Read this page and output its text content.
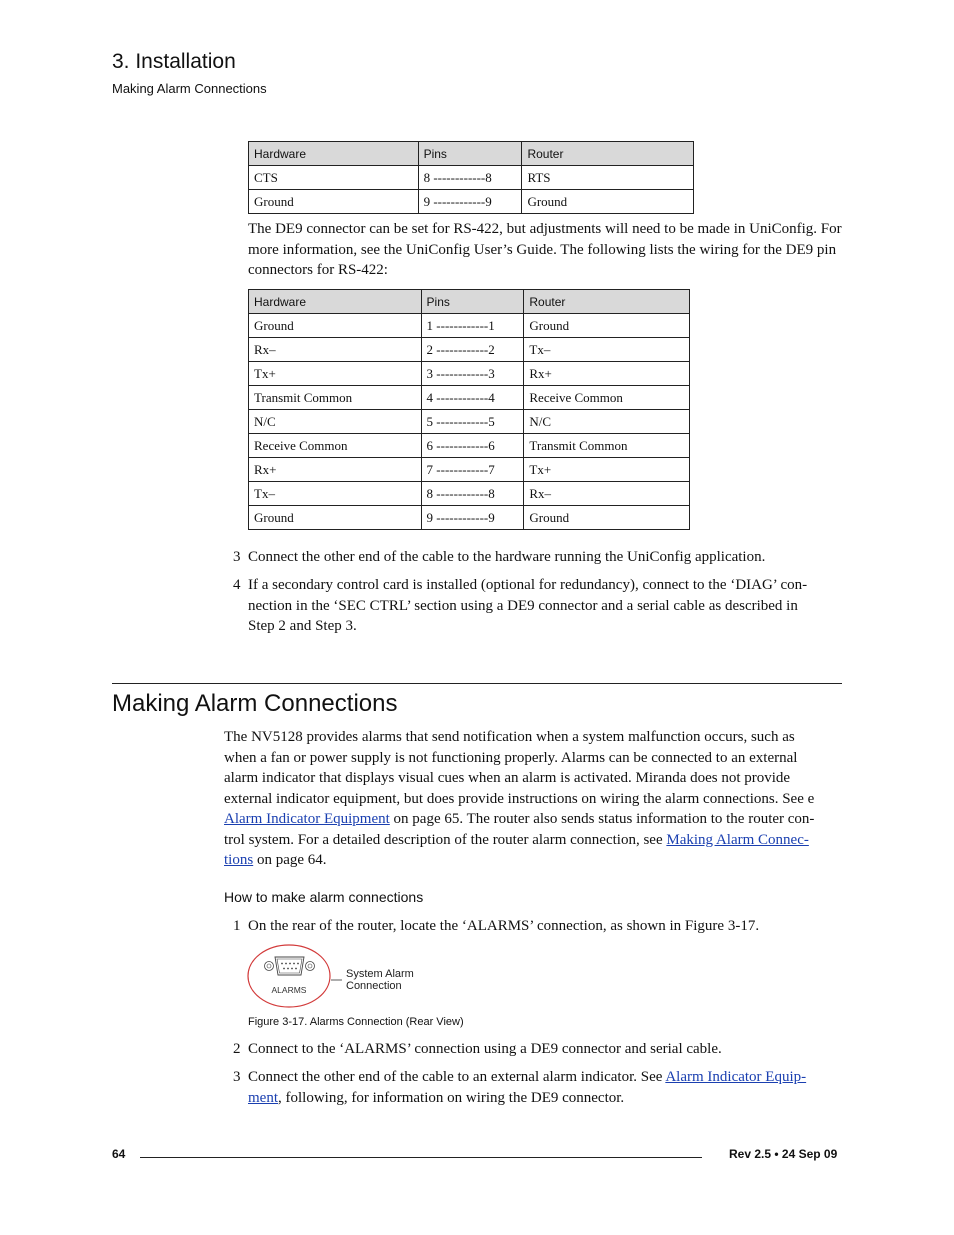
3. Installation
Making Alarm Connections
Hardware	Pins	Router
CTS	8 ------------8	RTS
Ground	9 ------------9	Ground

The DE9 connector can be set for RS-422, but adjustments will need to be made in UniConfig. For more information, see the UniConfig User’s Guide. The following lists the wiring for the DE9 pin connectors for RS-422:

Hardware	Pins	Router
Ground	1 ------------1	Ground
Rx–	2 ------------2	Tx–
Tx+	3 ------------3	Rx+
Transmit Common	4 ------------4	Receive Common
N/C	5 ------------5	N/C
Receive Common	6 ------------6	Transmit Common
Rx+	7 ------------7	Tx+
Tx–	8 ------------8	Rx–
Ground	9 ------------9	Ground
3 Connect the other end of the cable to the hardware running the UniConfig application.
4 If a secondary control card is installed (optional for redundancy), connect to the ‘DIAG’ con-
nection in the ‘SEC CTRL’ section using a DE9 connector and a serial cable as described in
Step 2 and Step 3.
Making Alarm Connections
The NV5128 provides alarms that send notification when a system malfunction occurs, such as
when a fan or power supply is not functioning properly. Alarms can be connected to an external
alarm indicator that displays visual cues when an alarm is activated. Miranda does not provide
external indicator equipment, but does provide instructions on wiring the alarm connections. See e
Alarm Indicator Equipment on page 65. The router also sends status information to the router con-
trol system. For a detailed description of the router alarm connection, see Making Alarm Connec-
tions on page 64.
How to make alarm connections
1 On the rear of the router, locate the ‘ALARMS’ connection, as shown in Figure 3-17.
ALARMS
System Alarm
Connection
Figure 3-17. Alarms Connection (Rear View)
2 Connect to the ‘ALARMS’ connection using a DE9 connector and serial cable.
3 Connect the other end of the cable to an external alarm indicator. See Alarm Indicator Equip-
ment, following, for information on wiring the DE9 connector.
64	Rev 2.5 • 24 Sep 09
